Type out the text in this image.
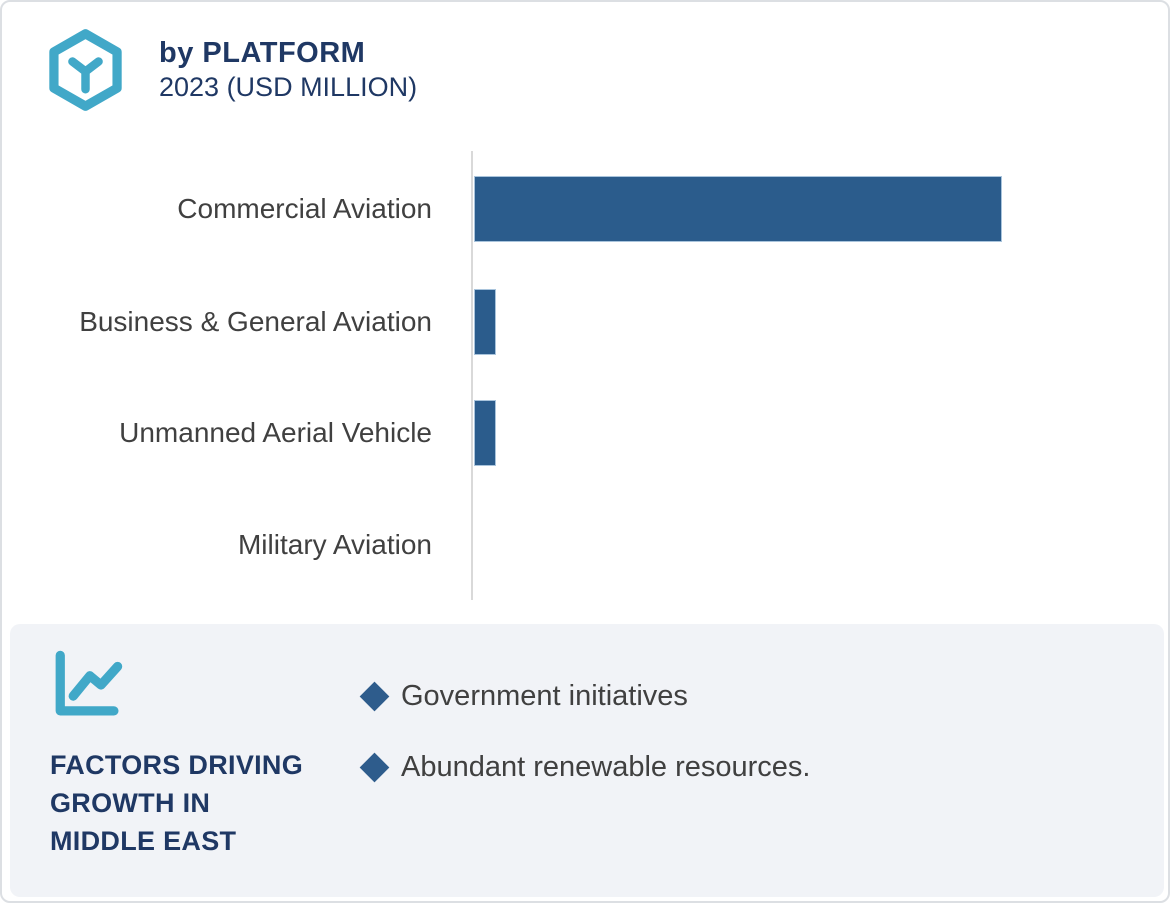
by PLATFORM
2023 (USD MILLION)
Commercial Aviation
Business & General Aviation
Unmanned Aerial Vehicle
Military Aviation
FACTORS DRIVING
GROWTH IN
MIDDLE EAST
Government initiatives
Abundant renewable resources.
